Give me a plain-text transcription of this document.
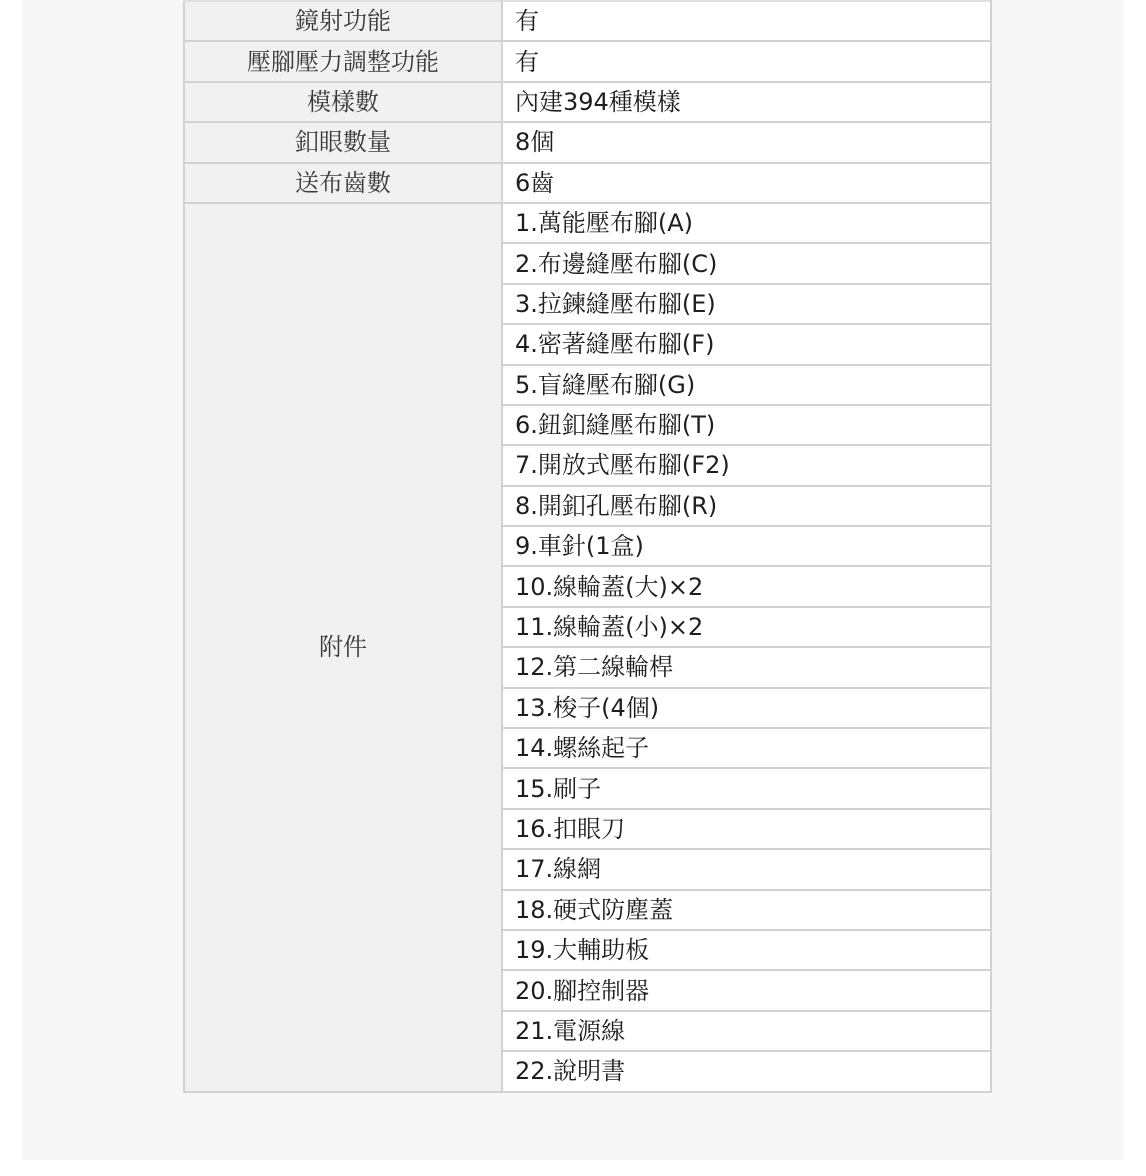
鏡射功能	有
壓腳壓力調整功能	有
模樣數	內建394種模樣
釦眼數量	8個
送布齒數	6齒
附件	1.萬能壓布腳(A)
	2.布邊縫壓布腳(C)
	3.拉鍊縫壓布腳(E)
	4.密著縫壓布腳(F)
	5.盲縫壓布腳(G)
	6.鈕釦縫壓布腳(T)
	7.開放式壓布腳(F2)
	8.開釦孔壓布腳(R)
	9.車針(1盒)
	10.線輪蓋(大)×2
	11.線輪蓋(小)×2
	12.第二線輪桿
	13.梭子(4個)
	14.螺絲起子
	15.刷子
	16.扣眼刀
	17.線網
	18.硬式防塵蓋
	19.大輔助板
	20.腳控制器
	21.電源線
	22.說明書
